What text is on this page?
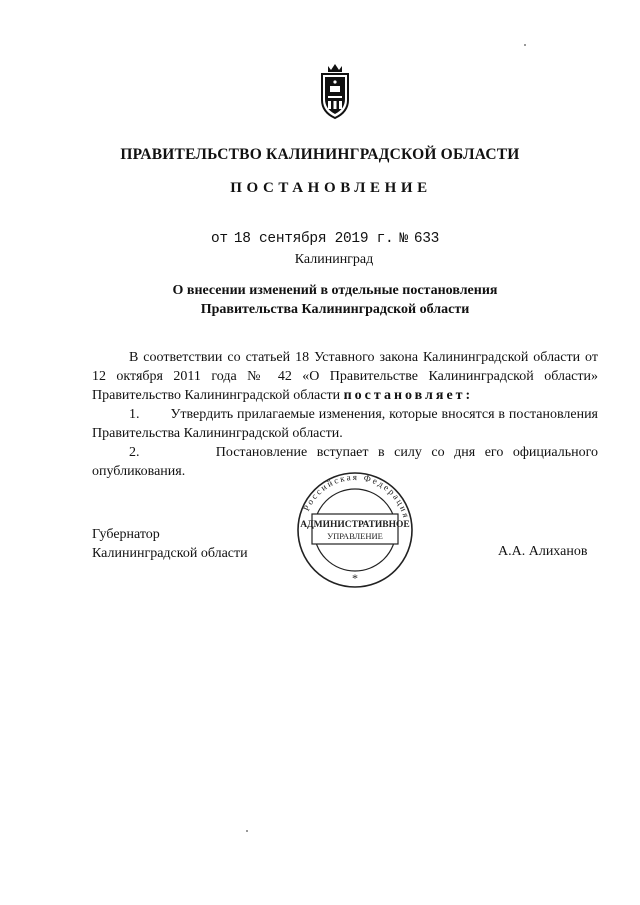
ПРАВИТЕЛЬСТВО КАЛИНИНГРАДСКОЙ ОБЛАСТИ
ПОСТАНОВЛЕНИЕ
от 18 сентября 2019 г. № 633
Калининград
О внесении изменений в отдельные постановления
Правительства Калининградской области

В соответствии со статьей 18 Уставного закона Калининградской области от 12 октября 2011 года № 42 «О Правительстве Калининградской области» Правительство Калининградской области постановляет:

1. Утвердить прилагаемые изменения, которые вносятся в постановления Правительства Калининградской области.

2.	Постановление вступает в силу со дня его официального опубликования.

Губернатор
Калининградской области
Российская Федерация
АДМИНИСТРАТИВНОЕ
УПРАВЛЕНИЕ
*
А.А. Алиханов
